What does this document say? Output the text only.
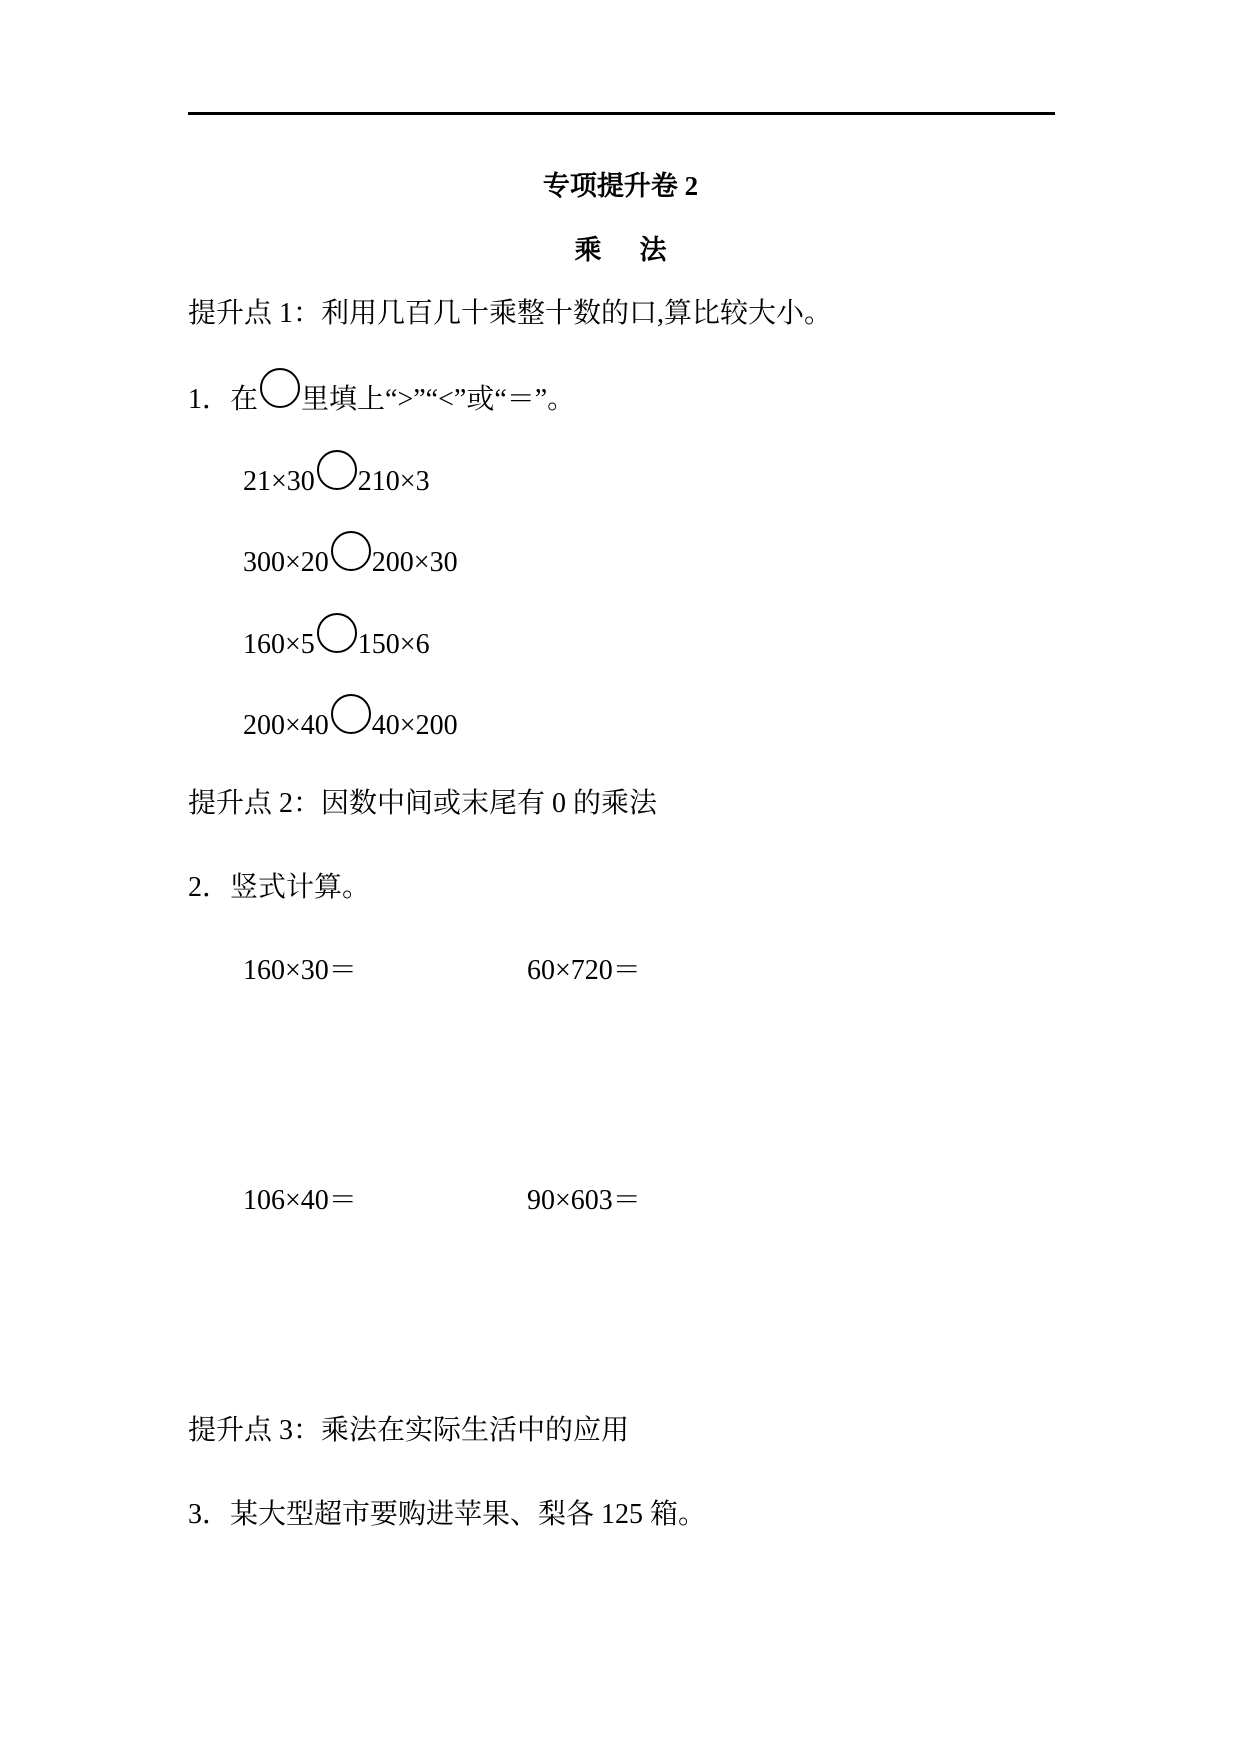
专项提升卷 2
乘法
提升点 1：利用几百几十乘整十数的口,算比较大小。
1． 在 里填上“>”“<”或“＝”。
21×30 210×3
300×20 200×30
160×5 150×6
200×40 40×200
提升点 2：因数中间或末尾有 0 的乘法
2．竖式计算。
160×30＝	60×720＝
106×40＝	90×603＝
提升点 3：乘法在实际生活中的应用
3．某大型超市要购进苹果、梨各 125 箱。
